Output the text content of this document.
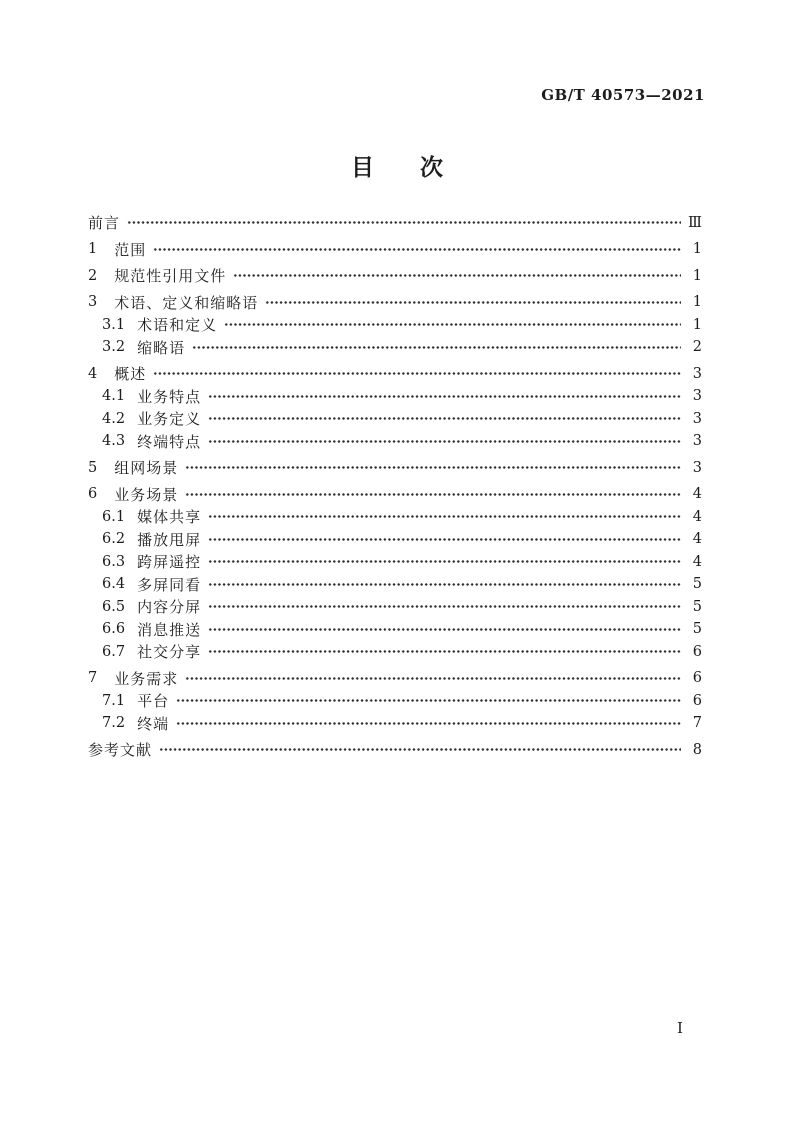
GB/T 40573—2021
目　　次
前言	Ⅲ
1 范围	1
2 规范性引用文件	1
3 术语、定义和缩略语	1
3.1 术语和定义	1
3.2 缩略语	2
4 概述	3
4.1 业务特点	3
4.2 业务定义	3
4.3 终端特点	3
5 组网场景	3
6 业务场景	4
6.1 媒体共享	4
6.2 播放甩屏	4
6.3 跨屏遥控	4
6.4 多屏同看	5
6.5 内容分屏	5
6.6 消息推送	5
6.7 社交分享	6
7 业务需求	6
7.1 平台	6
7.2 终端	7
参考文献	8
Ⅰ
